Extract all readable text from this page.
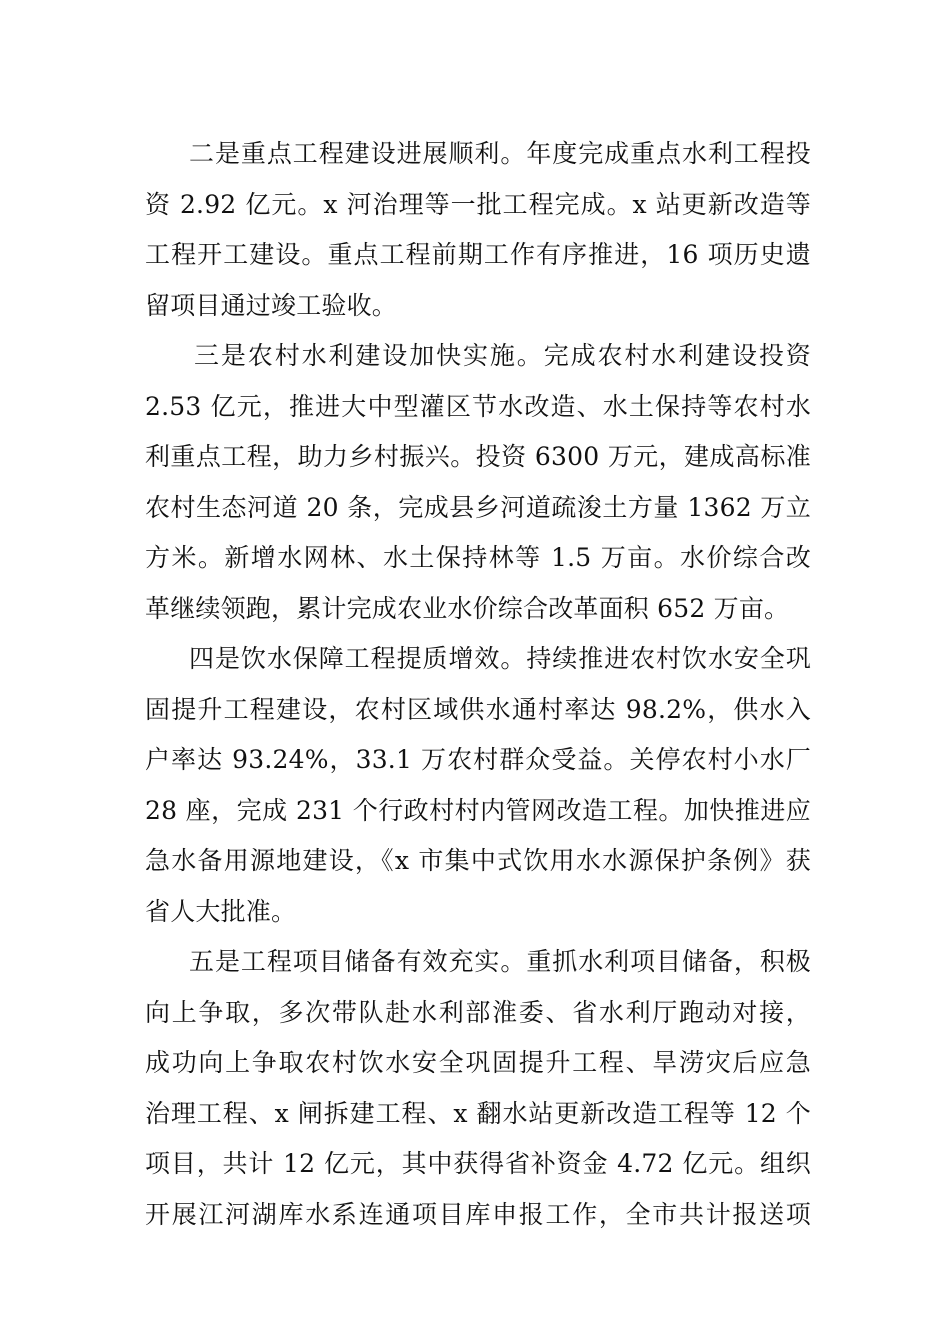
二是重点工程建设进展顺利。年度完成重点水利工程投
资 2.92 亿元。x 河治理等一批工程完成。x 站更新改造等
工程开工建设。重点工程前期工作有序推进，16 项历史遗
留项目通过竣工验收。
三是农村水利建设加快实施。完成农村水利建设投资
2.53 亿元，推进大中型灌区节水改造、水土保持等农村水
利重点工程，助力乡村振兴。投资 6300 万元，建成高标准
农村生态河道 20 条，完成县乡河道疏浚土方量 1362 万立
方米。新增水网林、水土保持林等 1.5 万亩。水价综合改
革继续领跑，累计完成农业水价综合改革面积 652 万亩。
四是饮水保障工程提质增效。持续推进农村饮水安全巩
固提升工程建设，农村区域供水通村率达 98.2%，供水入
户率达 93.24%，33.1 万农村群众受益。关停农村小水厂
28 座，完成 231 个行政村村内管网改造工程。加快推进应
急水备用源地建设，《x 市集中式饮用水水源保护条例》获
省人大批准。
五是工程项目储备有效充实。重抓水利项目储备，积极
向上争取，多次带队赴水利部淮委、省水利厅跑动对接，
成功向上争取农村饮水安全巩固提升工程、旱涝灾后应急
治理工程、x 闸拆建工程、x 翻水站更新改造工程等 12 个
项目，共计 12 亿元，其中获得省补资金 4.72 亿元。组织
开展江河湖库水系连通项目库申报工作，全市共计报送项
